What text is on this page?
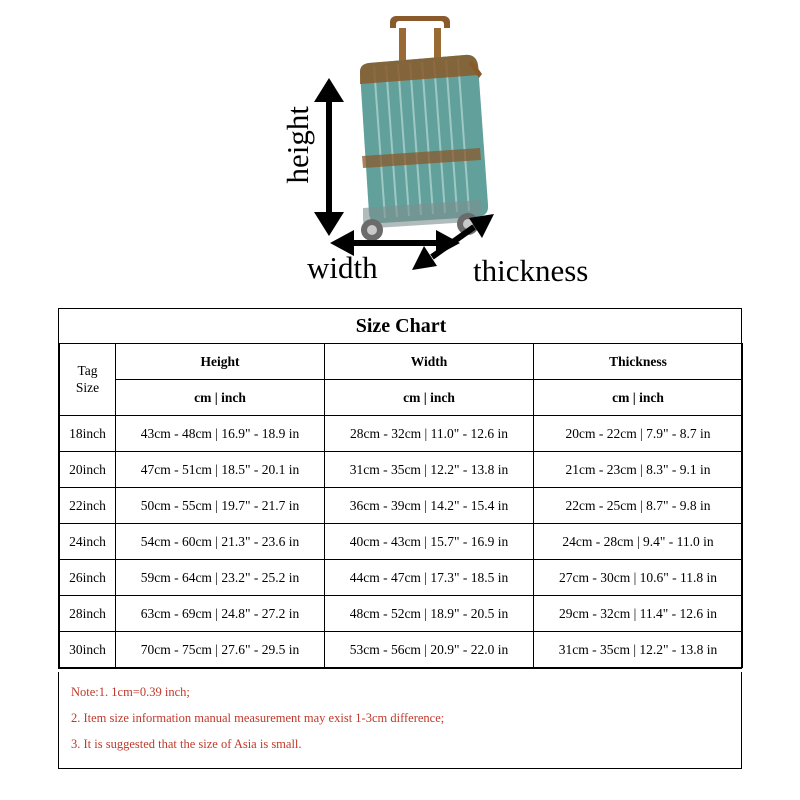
height
width	thickness
Size Chart			

Tag
Size	Height	Width	Thickness
	cm | inch	cm | inch	cm | inch
18inch	43cm - 48cm | 16.9" - 18.9 in	28cm - 32cm | 11.0" - 12.6 in	20cm - 22cm | 7.9" - 8.7 in
20inch	47cm - 51cm | 18.5" - 20.1 in	31cm - 35cm | 12.2" - 13.8 in	21cm - 23cm | 8.3" - 9.1 in
22inch	50cm - 55cm | 19.7" - 21.7 in	36cm - 39cm | 14.2" - 15.4 in	22cm - 25cm | 8.7" - 9.8 in
24inch	54cm - 60cm | 21.3" - 23.6 in	40cm - 43cm | 15.7" - 16.9 in	24cm - 28cm | 9.4" - 11.0 in
26inch	59cm - 64cm | 23.2" - 25.2 in	44cm - 47cm | 17.3" - 18.5 in	27cm - 30cm | 10.6" - 11.8 in
28inch	63cm - 69cm | 24.8" - 27.2 in	48cm - 52cm | 18.9" - 20.5 in	29cm - 32cm | 11.4" - 12.6 in
30inch	70cm - 75cm | 27.6" - 29.5 in	53cm - 56cm | 20.9" - 22.0 in	31cm - 35cm | 12.2" - 13.8 in
Note:1. 1cm=0.39 inch;
2. Item size information manual measurement may exist 1-3cm difference;
3. It is suggested that the size of Asia is small.
